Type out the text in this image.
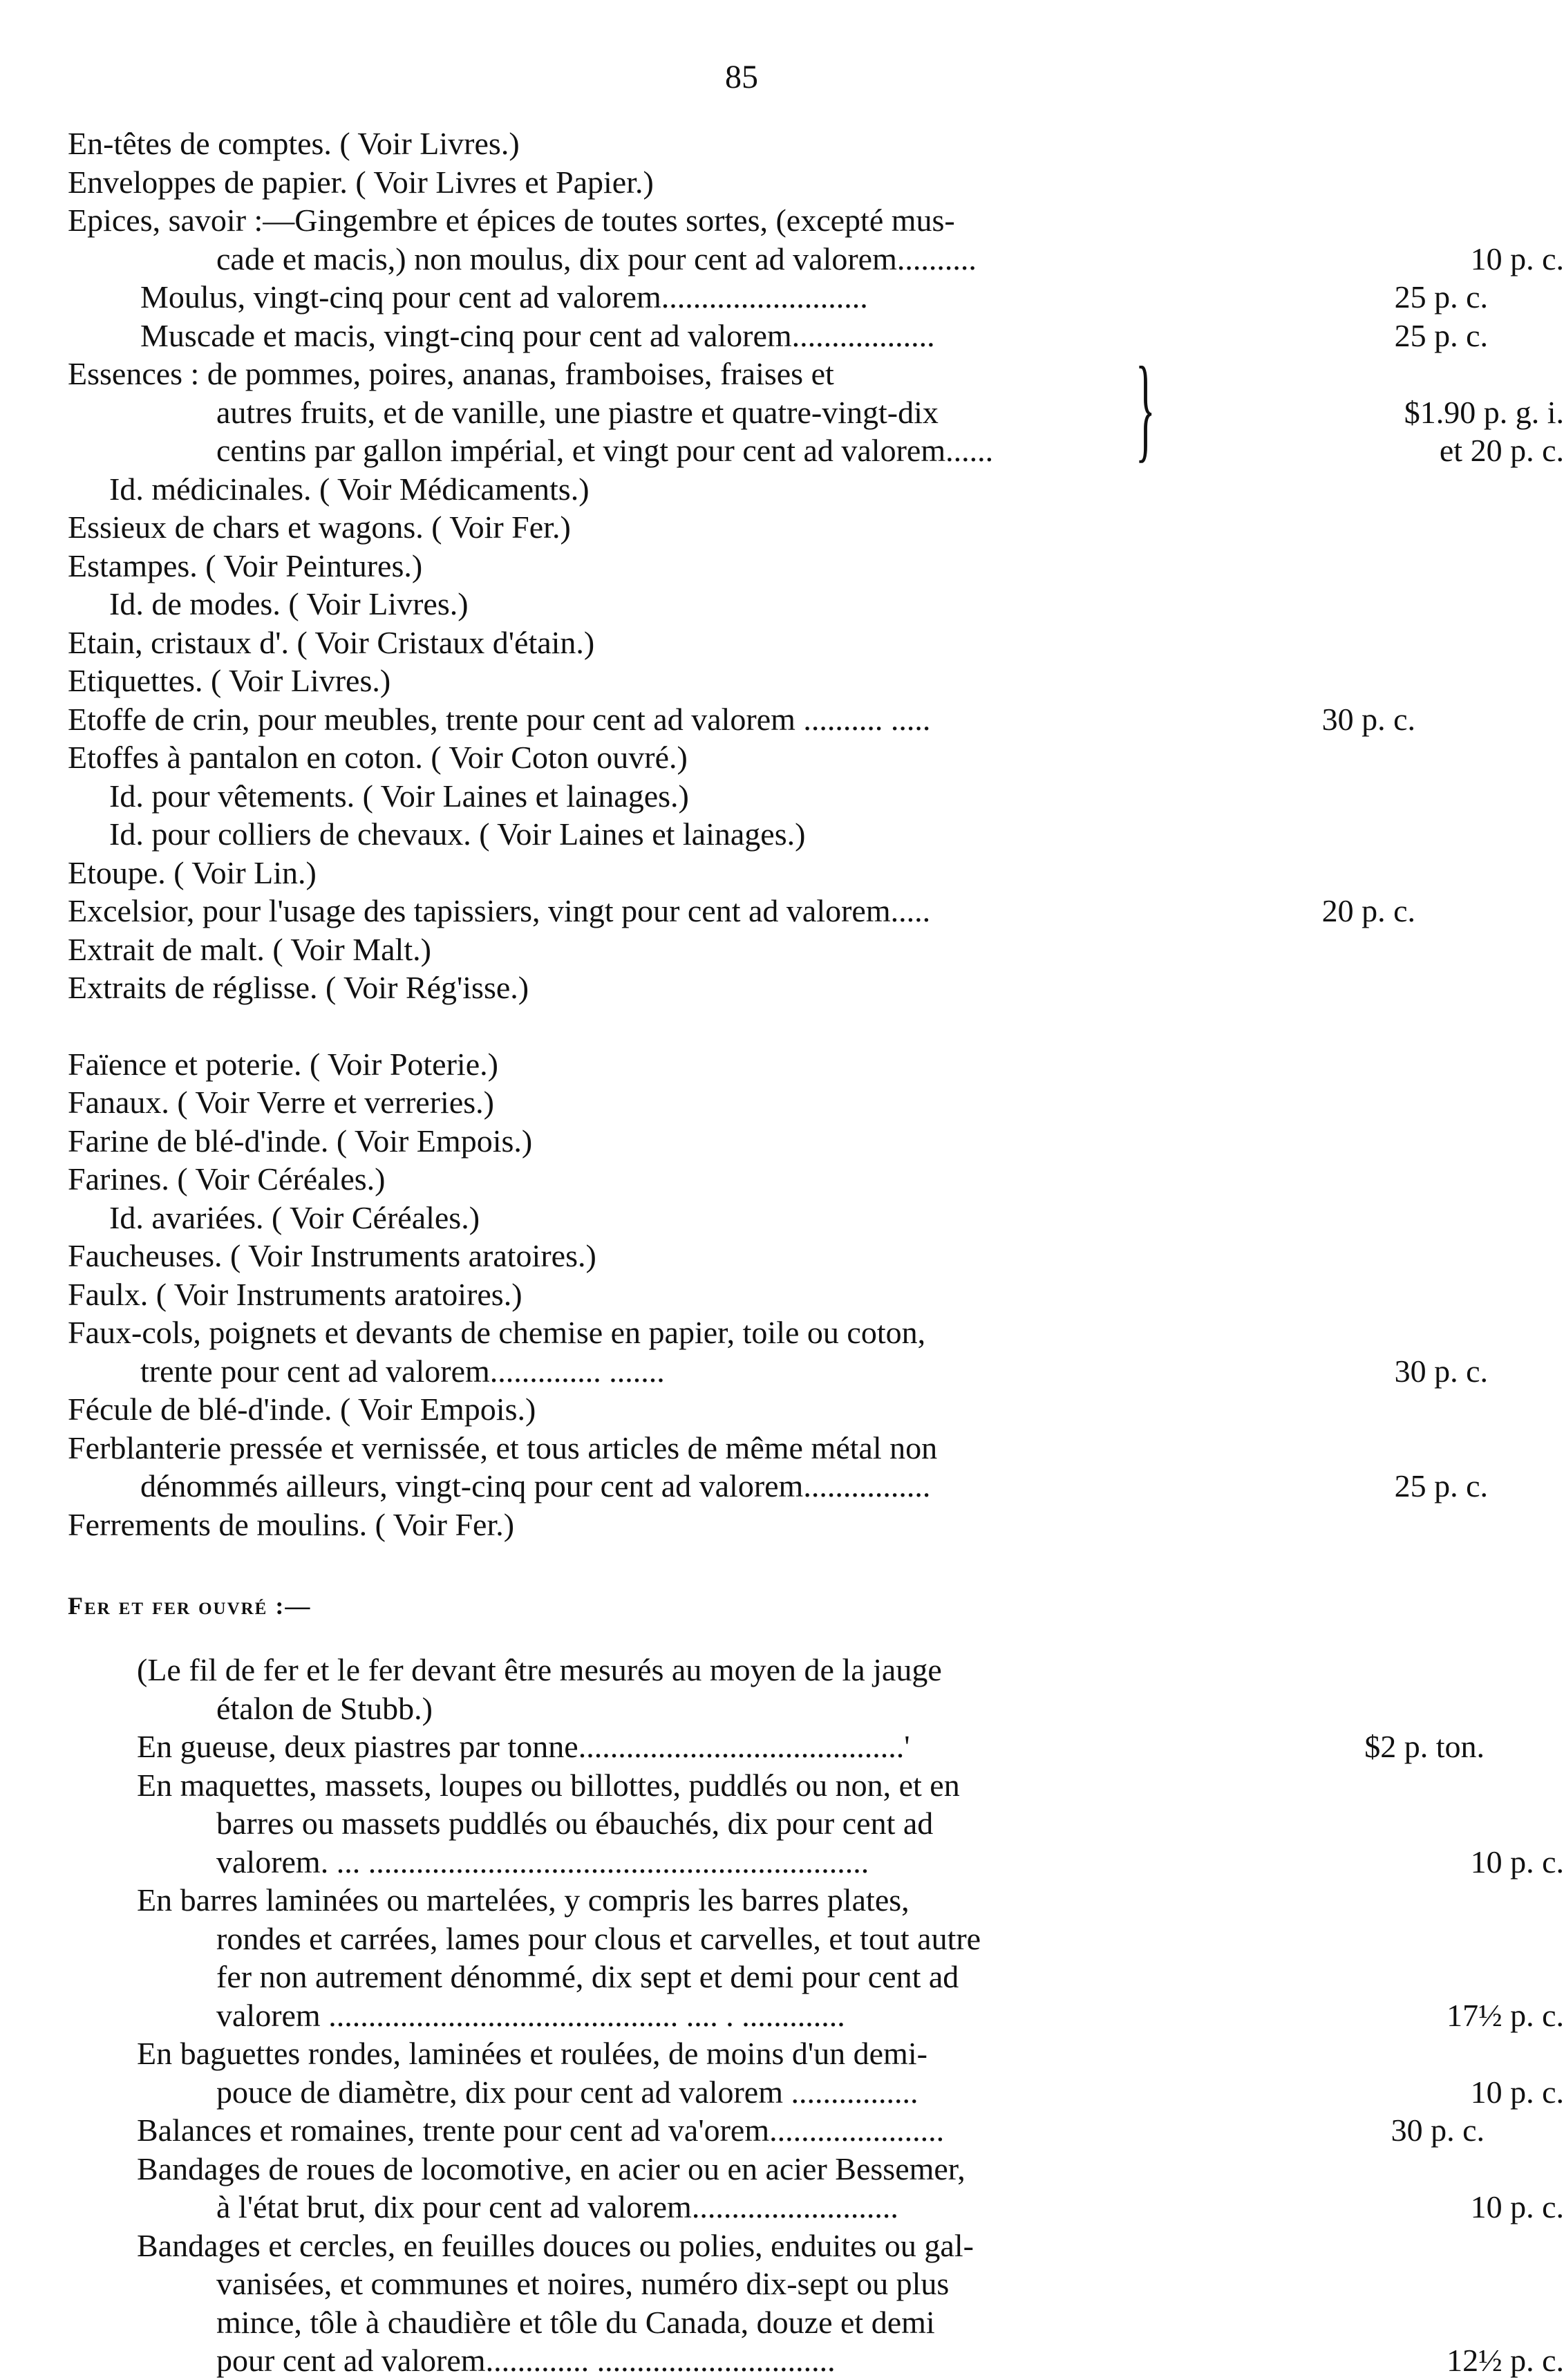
85
En-têtes de comptes. ( Voir Livres.)
Enveloppes de papier. ( Voir Livres et Papier.)
Epices, savoir :—Gingembre et épices de toutes sortes, (excepté mus-
cade et macis,) non moulus, dix pour cent ad valorem..........	10 p. c.
Moulus, vingt-cinq pour cent ad valorem..........................	25 p. c.
Muscade et macis, vingt-cinq pour cent ad valorem..................	25 p. c.
}
Essences : de pommes, poires, ananas, framboises, fraises et
autres fruits, et de vanille, une piastre et quatre-vingt-dix	$1.90 p. g. i.
centins par gallon impérial, et vingt pour cent ad valorem......	et 20 p. c.
Id. médicinales. ( Voir Médicaments.)
Essieux de chars et wagons. ( Voir Fer.)
Estampes. ( Voir Peintures.)
Id. de modes. ( Voir Livres.)
Etain, cristaux d'. ( Voir Cristaux d'étain.)
Etiquettes. ( Voir Livres.)
Etoffe de crin, pour meubles, trente pour cent ad valorem .......... .....	30 p. c.
Etoffes à pantalon en coton. ( Voir Coton ouvré.)
Id. pour vêtements. ( Voir Laines et lainages.)
Id. pour colliers de chevaux. ( Voir Laines et lainages.)
Etoupe. ( Voir Lin.)
Excelsior, pour l'usage des tapissiers, vingt pour cent ad valorem.....	20 p. c.
Extrait de malt. ( Voir Malt.)
Extraits de réglisse. ( Voir Rég'isse.)
Faïence et poterie. ( Voir Poterie.)
Fanaux. ( Voir Verre et verreries.)
Farine de blé-d'inde. ( Voir Empois.)
Farines. ( Voir Céréales.)
Id. avariées. ( Voir Céréales.)
Faucheuses. ( Voir Instruments aratoires.)
Faulx. ( Voir Instruments aratoires.)
Faux-cols, poignets et devants de chemise en papier, toile ou coton,
trente pour cent ad valorem.............. .......	30 p. c.
Fécule de blé-d'inde. ( Voir Empois.)
Ferblanterie pressée et vernissée, et tous articles de même métal non
dénommés ailleurs, vingt-cinq pour cent ad valorem................	25 p. c.
Ferrements de moulins. ( Voir Fer.)
Fer et fer ouvré :—
(Le fil de fer et le fer devant être mesurés au moyen de la jauge
étalon de Stubb.)
En gueuse, deux piastres par tonne.........................................'	$2 p. ton.
En maquettes, massets, loupes ou billottes, puddlés ou non, et en
barres ou massets puddlés ou ébauchés, dix pour cent ad
valorem. ... ...............................................................	10 p. c.
En barres laminées ou martelées, y compris les barres plates,
rondes et carrées, lames pour clous et carvelles, et tout autre
fer non autrement dénommé, dix sept et demi pour cent ad
valorem ............................................ .... . .............	17½ p. c.
En baguettes rondes, laminées et roulées, de moins d'un demi-
pouce de diamètre, dix pour cent ad valorem ................	10 p. c.
Balances et romaines, trente pour cent ad va'orem......................	30 p. c.
Bandages de roues de locomotive, en acier ou en acier Bessemer,
à l'état brut, dix pour cent ad valorem..........................	10 p. c.
Bandages et cercles, en feuilles douces ou polies, enduites ou gal-
vanisées, et communes et noires, numéro dix-sept ou plus
mince, tôle à chaudière et tôle du Canada, douze et demi
pour cent ad valorem............. ..............................	12½ p. c.
